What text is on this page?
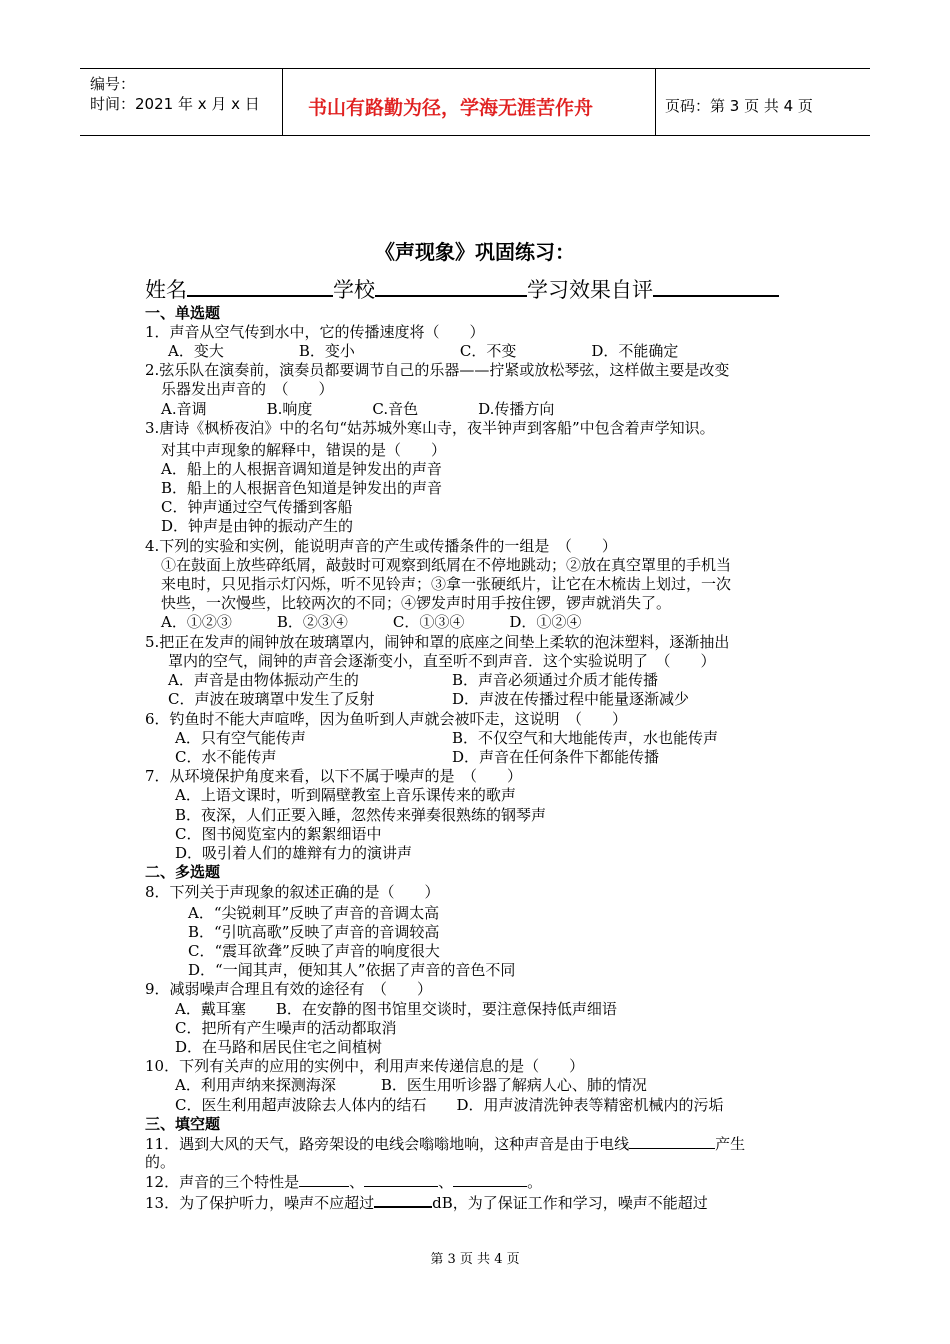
编号：
时间：2021 年 x 月 x 日	书山有路勤为径，学海无涯苦作舟	页码：第 3 页 共 4 页
《声现象》巩固练习：
姓名	学校	学习效果自评
一、单选题
1．声音从空气传到水中，它的传播速度将（　　）
A．变大　　　　　B．变小　　　　　　　C．不变　　　　　D．不能确定
2.弦乐队在演奏前，演奏员都要调节自己的乐器——拧紧或放松琴弦，这样做主要是改变
乐器发出声音的　（　　）
A.音调　　　　B.响度　　　　C.音色　　　　D.传播方向
3.唐诗《枫桥夜泊》中的名句“姑苏城外寒山寺，夜半钟声到客船”中包含着声学知识。
对其中声现象的解释中，错误的是（　　）
A．船上的人根据音调知道是钟发出的声音
B．船上的人根据音色知道是钟发出的声音
C．钟声通过空气传播到客船
D．钟声是由钟的振动产生的
4.下列的实验和实例，能说明声音的产生或传播条件的一组是　（　　）
①在鼓面上放些碎纸屑，敲鼓时可观察到纸屑在不停地跳动；②放在真空罩里的手机当
来电时，只见指示灯闪烁，听不见铃声；③拿一张硬纸片，让它在木梳齿上划过，一次
快些，一次慢些，比较两次的不同；④锣发声时用手按住锣，锣声就消失了。
A．①②③　　　B．②③④　　　C．①③④　　　D．①②④
5.把正在发声的闹钟放在玻璃罩内，闹钟和罩的底座之间垫上柔软的泡沫塑料，逐渐抽出
罩内的空气，闹钟的声音会逐渐变小，直至听不到声音．这个实验说明了　（　　）
A．声音是由物体振动产生的	B．声音必须通过介质才能传播
C．声波在玻璃罩中发生了反射	D．声波在传播过程中能量逐渐减少
6．钓鱼时不能大声喧哗，因为鱼听到人声就会被吓走，这说明　（　　）
A．只有空气能传声	B．不仅空气和大地能传声，水也能传声
C．水不能传声	D．声音在任何条件下都能传播
7．从环境保护角度来看，以下不属于噪声的是　（　　）
A．上语文课时，听到隔壁教室上音乐课传来的歌声
B．夜深，人们正要入睡，忽然传来弹奏很熟练的钢琴声
C．图书阅览室内的絮絮细语中
D．吸引着人们的雄辩有力的演讲声
二、多选题
8．下列关于声现象的叙述正确的是（　　）
A．“尖锐刺耳”反映了声音的音调太高
B．“引吭高歌”反映了声音的音调较高
C．“震耳欲聋”反映了声音的响度很大
D．“一闻其声，便知其人”依据了声音的音色不同
9．减弱噪声合理且有效的途径有　（　　）
A．戴耳塞　　B．在安静的图书馆里交谈时，要注意保持低声细语
C．把所有产生噪声的活动都取消
D．在马路和居民住宅之间植树
10．下列有关声的应用的实例中，利用声来传递信息的是（　　）
A．利用声纳来探测海深　　　B．医生用听诊器了解病人心、肺的情况
C．医生利用超声波除去人体内的结石　　D．用声波清洗钟表等精密机械内的污垢
三、填空题
11．遇到大风的天气，路旁架设的电线会嗡嗡地响，这种声音是由于电线	产生
的。
12．声音的三个特性是	、	、	。
13．为了保护听力，噪声不应超过	dB，为了保证工作和学习，噪声不能超过
第 3 页 共 4 页
